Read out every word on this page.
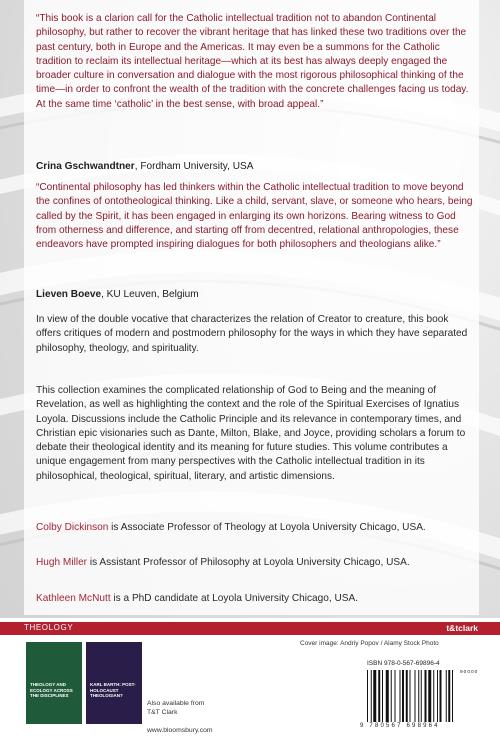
“This book is a clarion call for the Catholic intellectual tradition not to abandon Continental philosophy, but rather to recover the vibrant heritage that has linked these two traditions over the past century, both in Europe and the Americas. It may even be a summons for the Catholic tradition to reclaim its intellectual heritage—which at its best has always deeply engaged the broader culture in conversation and dialogue with the most rigorous philosophical thinking of the time—in order to confront the wealth of the tradition with the concrete challenges facing us today. At the same time ‘catholic’ in the best sense, with broad appeal.”
Crina Gschwandtner, Fordham University, USA
“Continental philosophy has led thinkers within the Catholic intellectual tradition to move beyond the confines of ontotheological thinking. Like a child, servant, slave, or someone who hears, being called by the Spirit, it has been engaged in enlarging its own horizons. Bearing witness to God from otherness and difference, and starting off from decentred, relational anthropologies, these endeavors have prompted inspiring dialogues for both philosophers and theologians alike.”
Lieven Boeve, KU Leuven, Belgium
In view of the double vocative that characterizes the relation of Creator to creature, this book offers critiques of modern and postmodern philosophy for the ways in which they have separated philosophy, theology, and spirituality.
This collection examines the complicated relationship of God to Being and the meaning of Revelation, as well as highlighting the context and the role of the Spiritual Exercises of Ignatius Loyola. Discussions include the Catholic Principle and its relevance in contemporary times, and Christian epic visionaries such as Dante, Milton, Blake, and Joyce, providing scholars a forum to debate their theological identity and its meaning for future studies. This volume contributes a unique engagement from many perspectives with the Catholic intellectual tradition in its philosophical, theological, spiritual, literary, and artistic dimensions.
Colby Dickinson is Associate Professor of Theology at Loyola University Chicago, USA.
Hugh Miller is Assistant Professor of Philosophy at Loyola University Chicago, USA.
Kathleen McNutt is a PhD candidate at Loyola University Chicago, USA.
THEOLOGY	t&tclark
THEOLOGY AND ECOLOGY ACROSS THE DISCIPLINES
KARL BARTH: POST-HOLOCAUST THEOLOGIAN?
Also available from T&T Clark
www.bloomsbury.com
Cover image: Andriy Popov / Alamy Stock Photo
ISBN 978-0-567-69896-4
9 780567 698964
90000
